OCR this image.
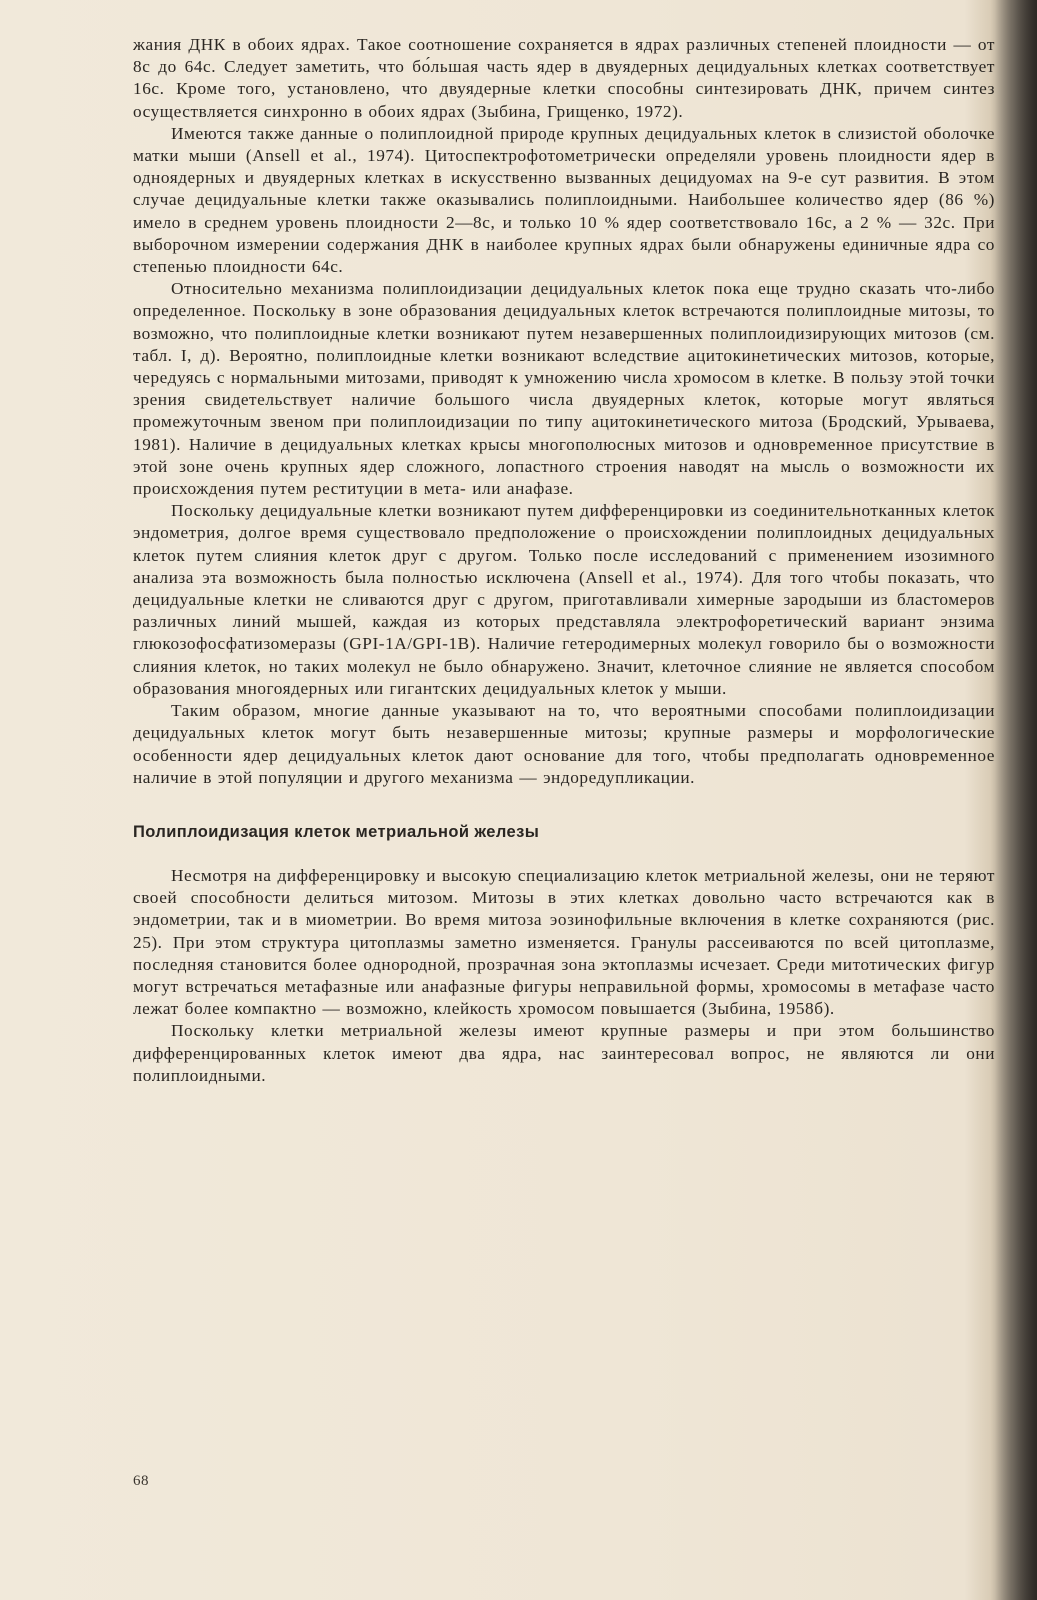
жания ДНК в обоих ядрах. Такое соотношение сохраняется в ядрах различных степеней плоидности — от 8c до 64c. Следует заметить, что бо́льшая часть ядер в двуядерных децидуальных клетках соответствует 16c. Кроме того, установлено, что двуядерные клетки способны синтезировать ДНК, причем синтез осуществляется синхронно в обоих ядрах (Зыбина, Грищенко, 1972).

Имеются также данные о полиплоидной природе крупных децидуальных клеток в слизистой оболочке матки мыши (Ansell et al., 1974). Цитоспектрофотометрически определяли уровень плоидности ядер в одноядерных и двуядерных клетках в искусственно вызванных децидуомах на 9-е сут развития. В этом случае децидуальные клетки также оказывались полиплоидными. Наибольшее количество ядер (86 %) имело в среднем уровень плоидности 2—8c, и только 10 % ядер соответствовало 16c, а 2 % — 32c. При выборочном измерении содержания ДНК в наиболее крупных ядрах были обнаружены единичные ядра со степенью плоидности 64c.

Относительно механизма полиплоидизации децидуальных клеток пока еще трудно сказать что-либо определенное. Поскольку в зоне образования децидуальных клеток встречаются полиплоидные митозы, то возможно, что полиплоидные клетки возникают путем незавершенных полиплоидизирующих митозов (см. табл. I, д). Вероятно, полиплоидные клетки возникают вследствие ацитокинетических митозов, которые, чередуясь с нормальными митозами, приводят к умножению числа хромосом в клетке. В пользу этой точки зрения свидетельствует наличие большого числа двуядерных клеток, которые могут являться промежуточным звеном при полиплоидизации по типу ацитокинетического митоза (Бродский, Урываева, 1981). Наличие в децидуальных клетках крысы многополюсных митозов и одновременное присутствие в этой зоне очень крупных ядер сложного, лопастного строения наводят на мысль о возможности их происхождения путем реституции в мета- или анафазе.

Поскольку децидуальные клетки возникают путем дифференцировки из соединительнотканных клеток эндометрия, долгое время существовало предположение о происхождении полиплоидных децидуальных клеток путем слияния клеток друг с другом. Только после исследований с применением изозимного анализа эта возможность была полностью исключена (Ansell et al., 1974). Для того чтобы показать, что децидуальные клетки не сливаются друг с другом, приготавливали химерные зародыши из бластомеров различных линий мышей, каждая из которых представляла электрофоретический вариант энзима глюкозофосфатизомеразы (GPI-1A/GPI-1B). Наличие гетеродимерных молекул говорило бы о возможности слияния клеток, но таких молекул не было обнаружено. Значит, клеточное слияние не является способом образования многоядерных или гигантских децидуальных клеток у мыши.

Таким образом, многие данные указывают на то, что вероятными способами полиплоидизации децидуальных клеток могут быть незавершенные митозы; крупные размеры и морфологические особенности ядер децидуальных клеток дают основание для того, чтобы предполагать одновременное наличие в этой популяции и другого механизма — эндоредупликации.

Полиплоидизация клеток метриальной железы

Несмотря на дифференцировку и высокую специализацию клеток метриальной железы, они не теряют своей способности делиться митозом. Митозы в этих клетках довольно часто встречаются как в эндометрии, так и в миометрии. Во время митоза эозинофильные включения в клетке сохраняются (рис. 25). При этом структура цитоплазмы заметно изменяется. Гранулы рассеиваются по всей цитоплазме, последняя становится более однородной, прозрачная зона эктоплазмы исчезает. Среди митотических фигур могут встречаться метафазные или анафазные фигуры неправильной формы, хромосомы в метафазе часто лежат более компактно — возможно, клейкость хромосом повышается (Зыбина, 1958б).

Поскольку клетки метриальной железы имеют крупные размеры и при этом большинство дифференцированных клеток имеют два ядра, нас заинтересовал вопрос, не являются ли они полиплоидными.

68
